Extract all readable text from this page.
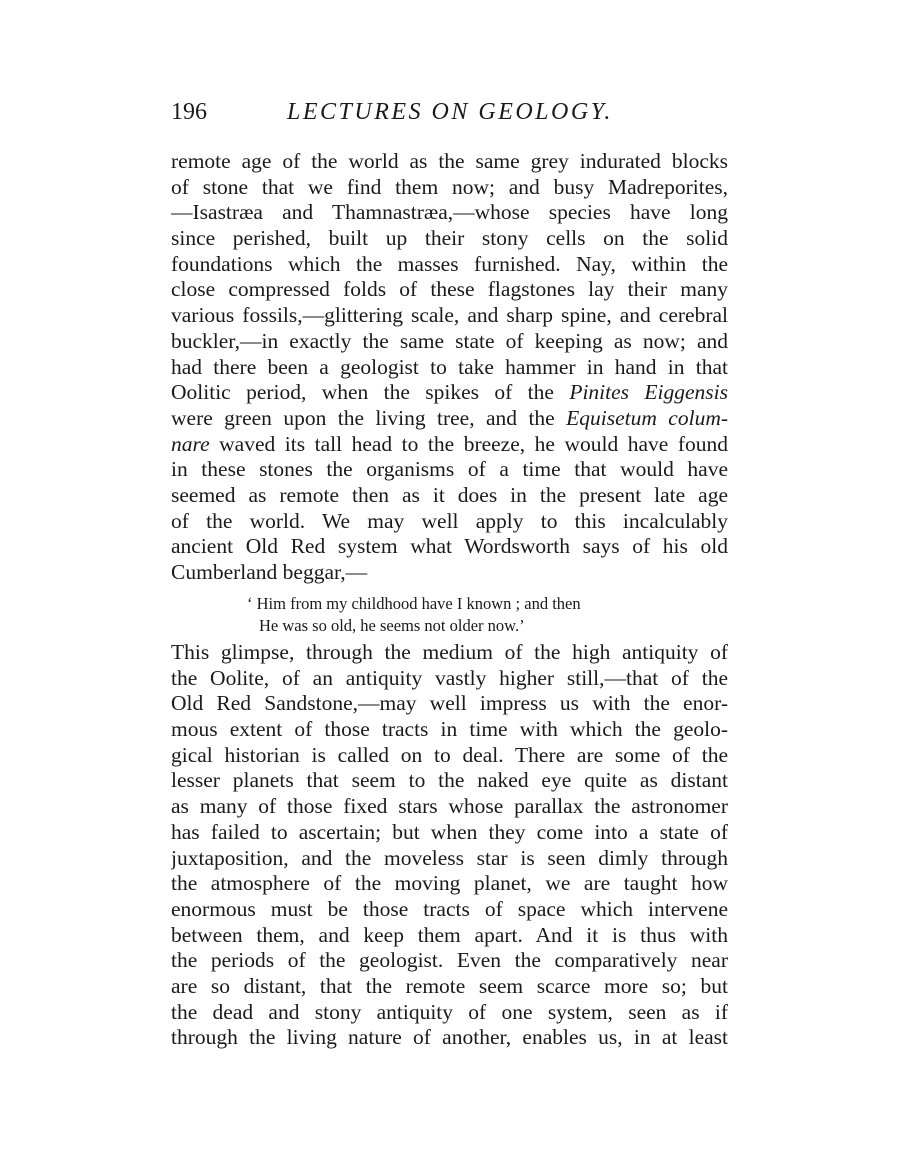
196	LECTURES ON GEOLOGY.
remote age of the world as the same grey indurated blocks
of stone that we find them now; and busy Madreporites,
—Isastræa and Thamnastræa,—whose species have long
since perished, built up their stony cells on the solid
foundations which the masses furnished. Nay, within the
close compressed folds of these flagstones lay their many
various fossils,—glittering scale, and sharp spine, and cerebral
buckler,—in exactly the same state of keeping as now; and
had there been a geologist to take hammer in hand in that
Oolitic period, when the spikes of the Pinites Eiggensis
were green upon the living tree, and the Equisetum colum-
nare waved its tall head to the breeze, he would have found
in these stones the organisms of a time that would have
seemed as remote then as it does in the present late age
of the world. We may well apply to this incalculably
ancient Old Red system what Wordsworth says of his old
Cumberland beggar,—
‘ Him from my childhood have I known ; and then
He was so old, he seems not older now.’
This glimpse, through the medium of the high antiquity of
the Oolite, of an antiquity vastly higher still,—that of the
Old Red Sandstone,—may well impress us with the enor-
mous extent of those tracts in time with which the geolo-
gical historian is called on to deal. There are some of the
lesser planets that seem to the naked eye quite as distant
as many of those fixed stars whose parallax the astronomer
has failed to ascertain; but when they come into a state of
juxtaposition, and the moveless star is seen dimly through
the atmosphere of the moving planet, we are taught how
enormous must be those tracts of space which intervene
between them, and keep them apart. And it is thus with
the periods of the geologist. Even the comparatively near
are so distant, that the remote seem scarce more so; but
the dead and stony antiquity of one system, seen as if
through the living nature of another, enables us, in at least
